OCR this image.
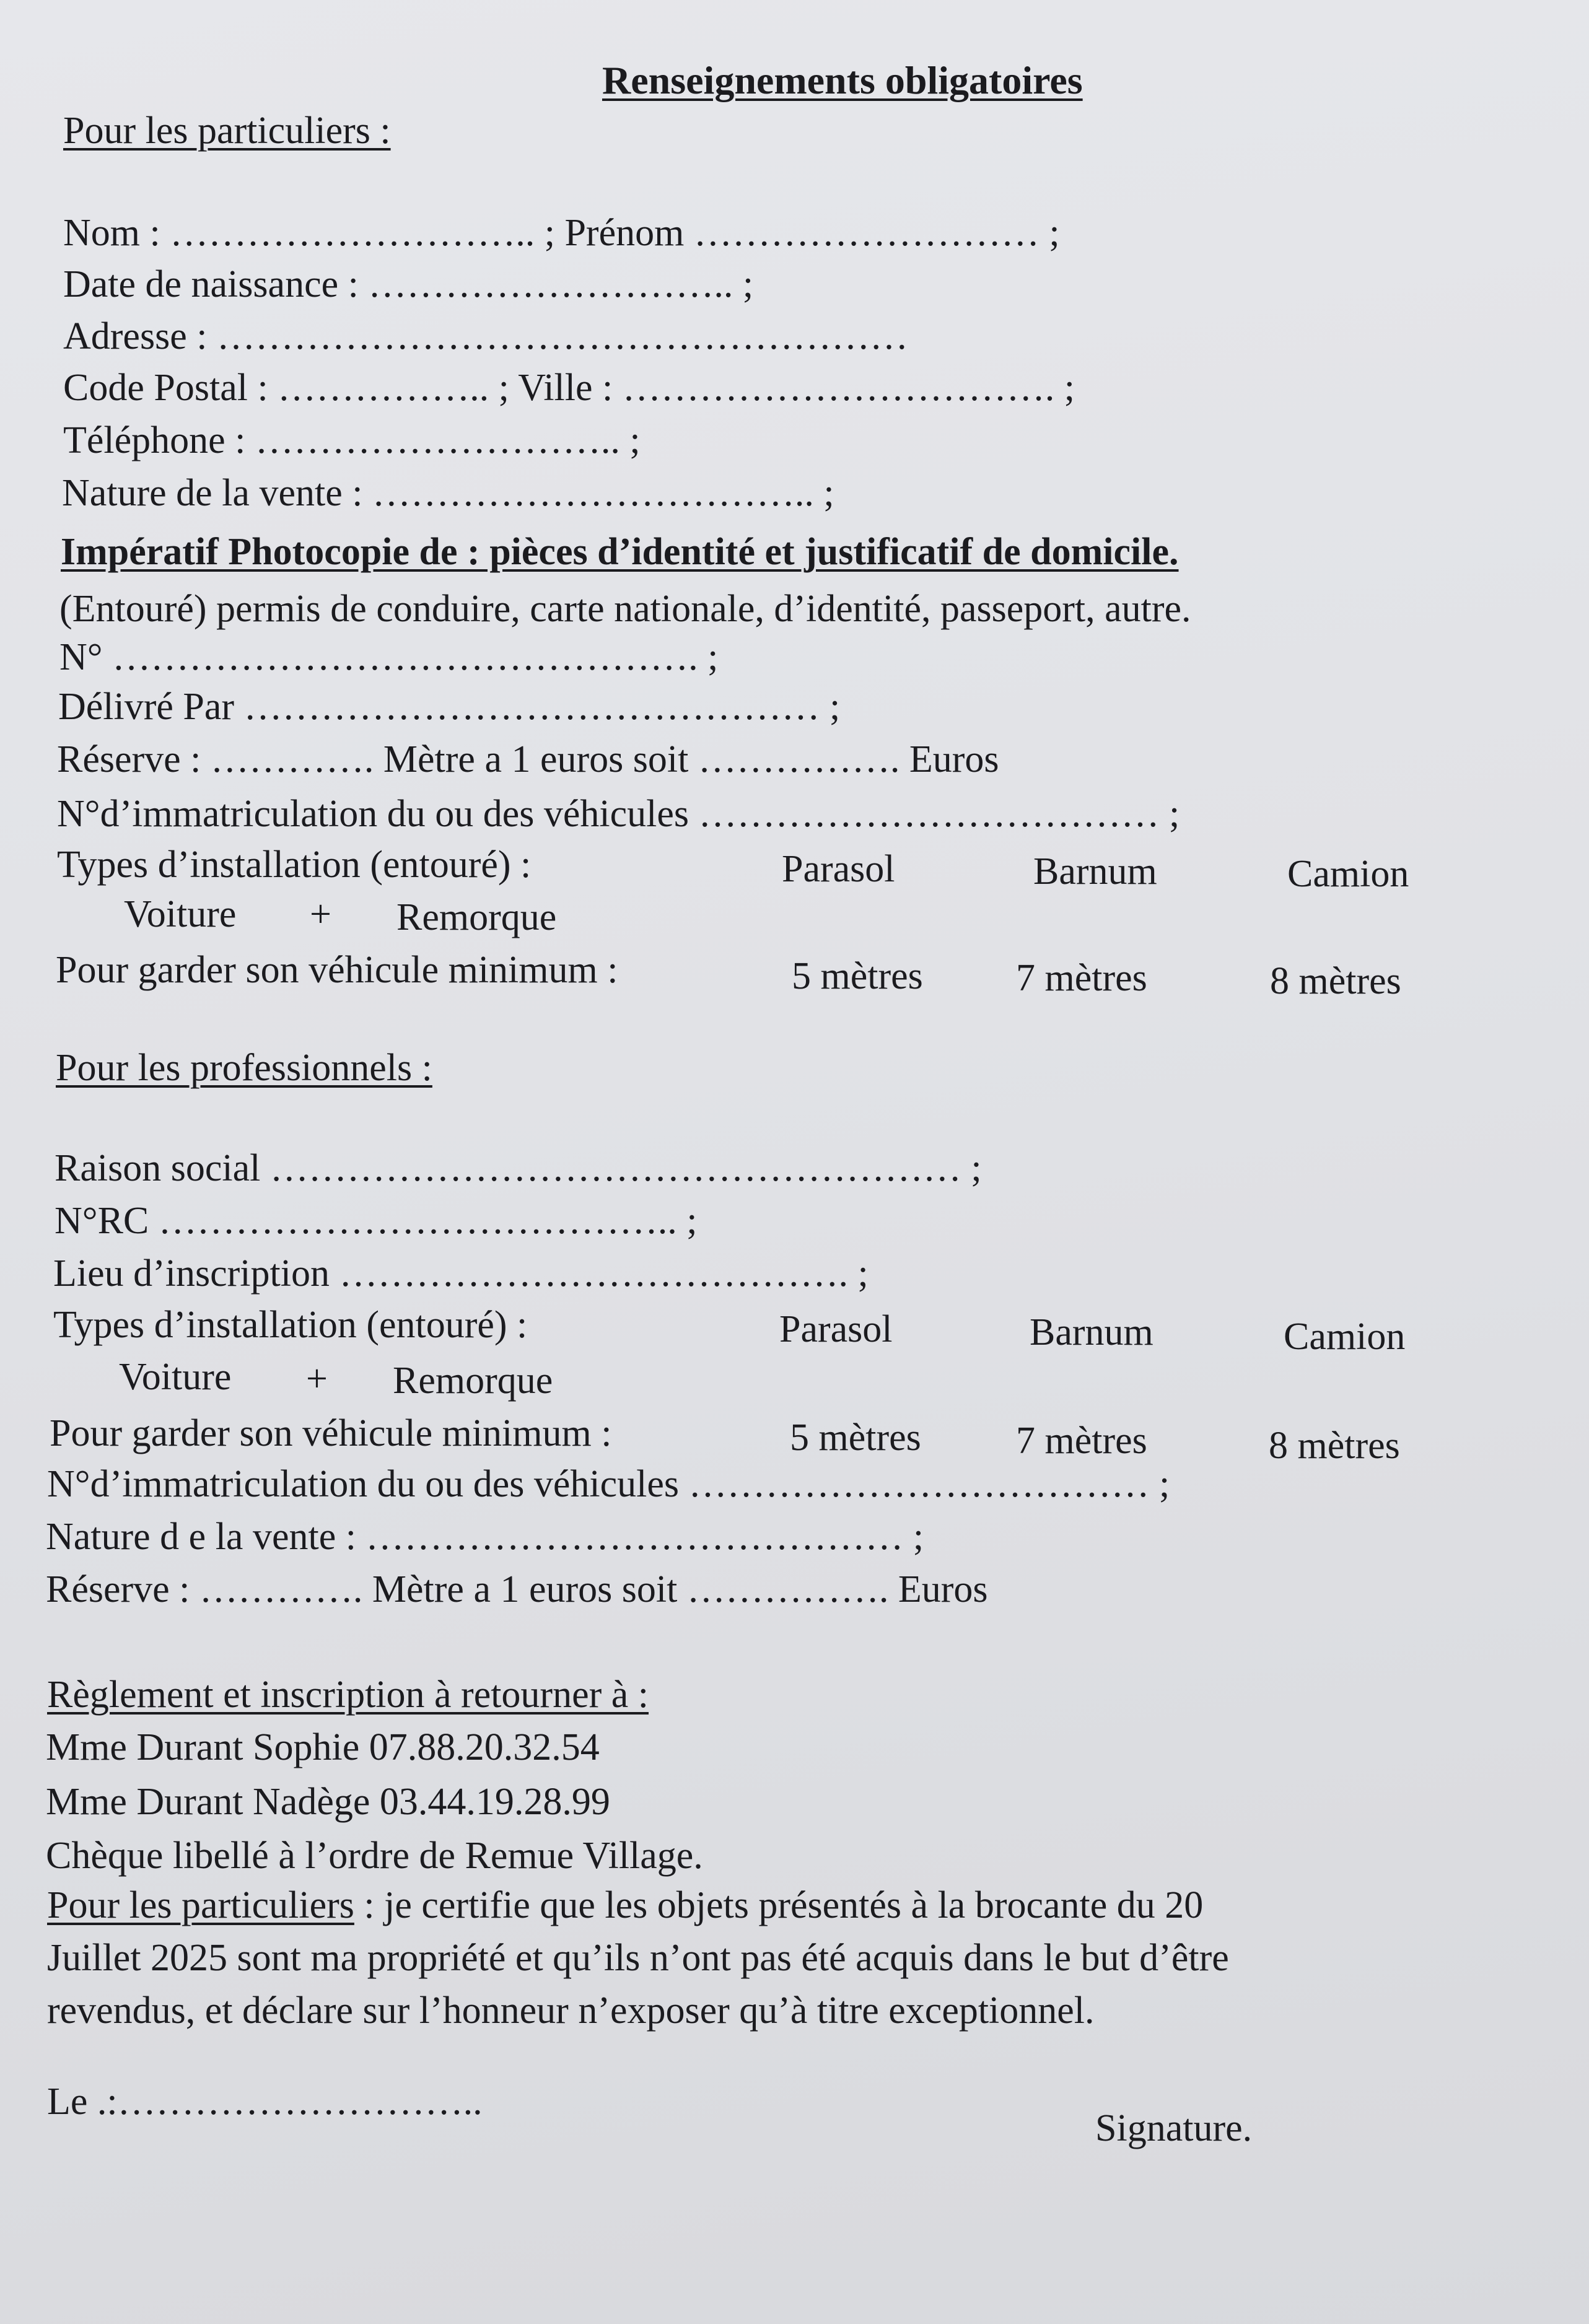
Renseignements obligatoires
Pour les particuliers :
Nom : ……………………….. ; Prénom ……………………… ;
Date de naissance : ……………………….. ;
Adresse : ………………………………………………
Code Postal : …………….. ; Ville : ……………………………. ;
Téléphone : ……………………….. ;
Nature de la vente : …………………………….. ;
Impératif Photocopie de : pièces d’identité et justificatif de domicile.
(Entouré) permis de conduire, carte nationale, d’identité, passeport, autre.
N° ………………………………………. ;
Délivré Par ……………………………………… ;
Réserve : …………. Mètre a 1 euros soit ……………. Euros
N°d’immatriculation du ou des véhicules ……………………………… ;
Types d’installation (entouré) :	Parasol	Barnum	Camion
Voiture + Remorque
Pour garder son véhicule minimum :	5 mètres 7 mètres	8 mètres
Pour les professionnels :
Raison social ……………………………………………… ;
N°RC ………………………………….. ;
Lieu d’inscription …………………………………. ;
Types d’installation (entouré) :	Parasol	Barnum	Camion
Voiture + Remorque
Pour garder son véhicule minimum :	5 mètres 7 mètres	8 mètres
N°d’immatriculation du ou des véhicules ……………………………… ;
Nature d e la vente : …………………………………… ;
Réserve : …………. Mètre a 1 euros soit ……………. Euros
Règlement et inscription à retourner à :
Mme Durant Sophie 07.88.20.32.54
Mme Durant Nadège 03.44.19.28.99
Chèque libellé à l’ordre de Remue Village.
Pour les particuliers : je certifie que les objets présentés à la brocante du 20
Juillet 2025 sont ma propriété et qu’ils n’ont pas été acquis dans le but d’être
revendus, et déclare sur l’honneur n’exposer qu’à titre exceptionnel.
Le .:………………………..
Signature.
